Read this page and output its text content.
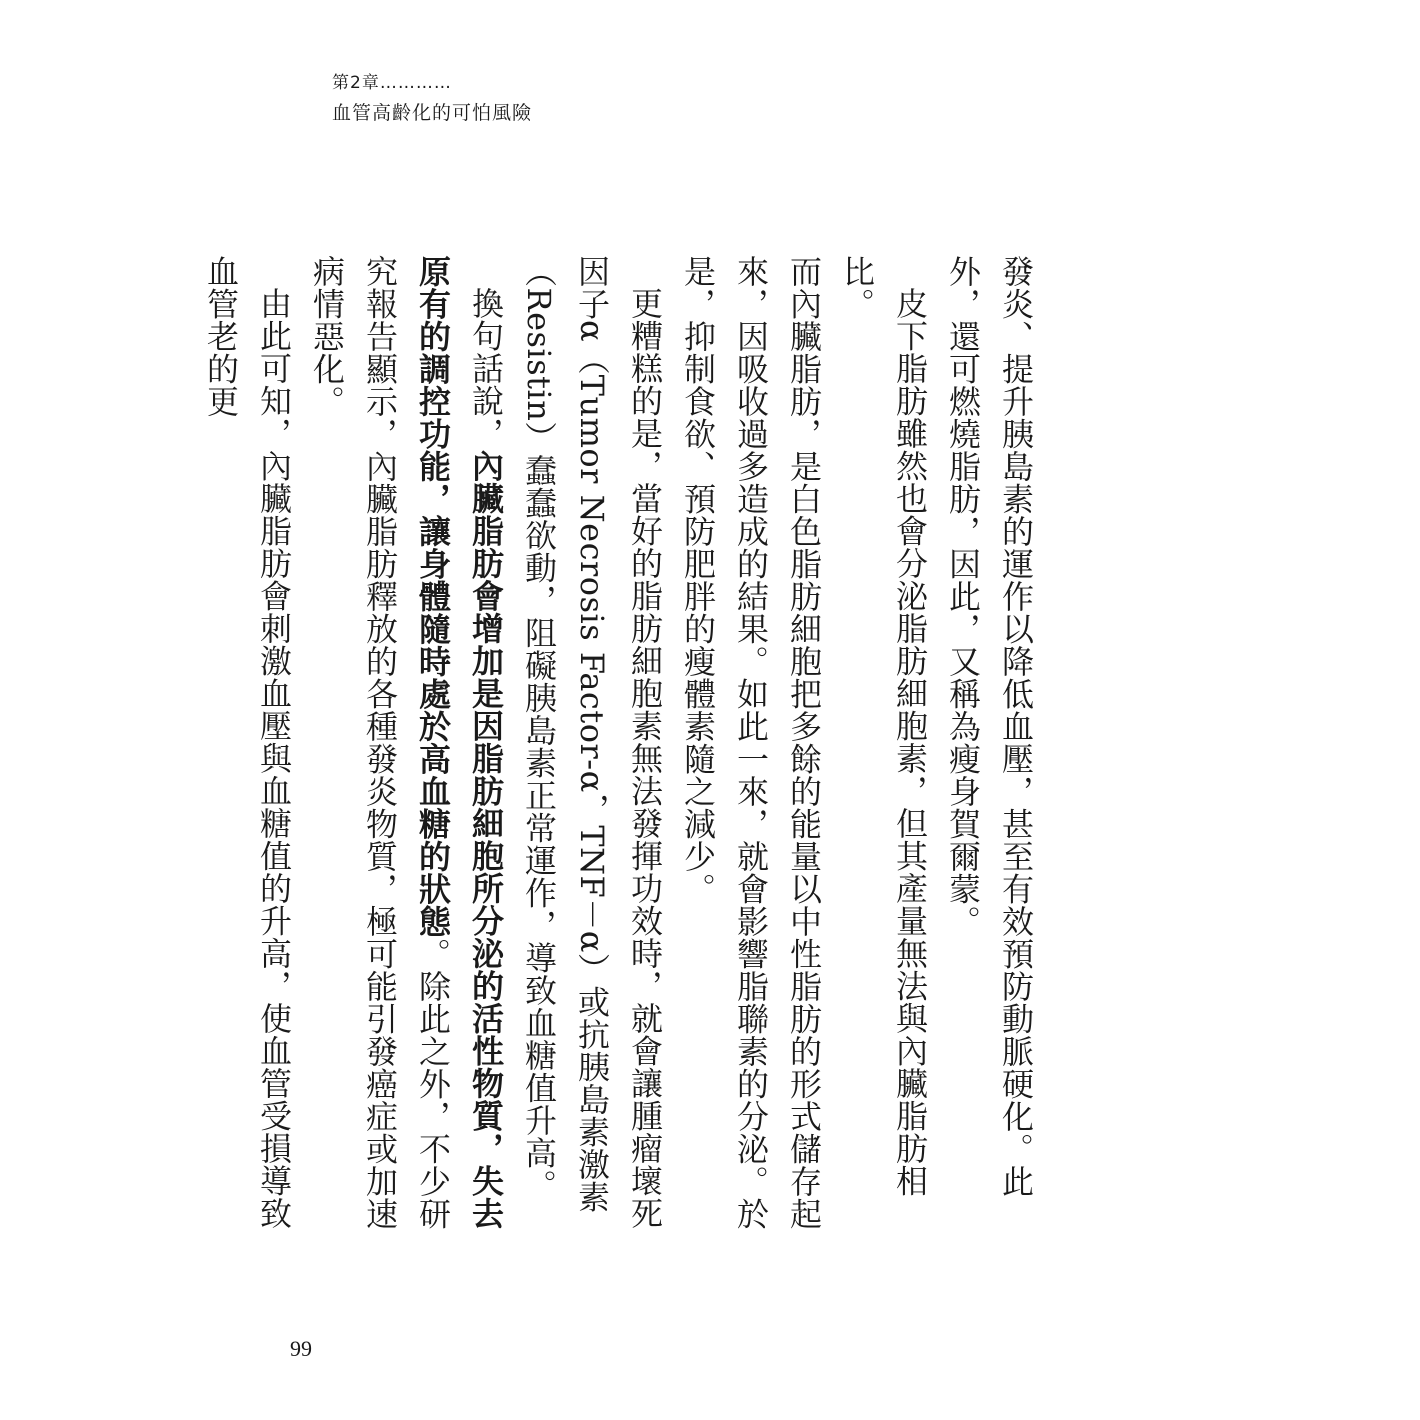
第2章…………
血管高齡化的可怕風險

發炎、提升胰島素的運作以降低血壓，甚至有效預防動脈硬化。此外，還可燃燒脂肪，因此，又稱為瘦身賀爾蒙。

皮下脂肪雖然也會分泌脂肪細胞素，但其產量無法與內臟脂肪相比。

而內臟脂肪，是白色脂肪細胞把多餘的能量以中性脂肪的形式儲存起來，因吸收過多造成的結果。如此一來，就會影響脂聯素的分泌。於是，抑制食欲、預防肥胖的瘦體素隨之減少。

更糟糕的是，當好的脂肪細胞素無法發揮功效時，就會讓腫瘤壞死因子α（Tumor Necrosis Factor-α，TNF－α）或抗胰島素激素（Resistin）蠢蠢欲動，阻礙胰島素正常運作，導致血糖值升高。

換句話說，內臟脂肪會增加是因脂肪細胞所分泌的活性物質，失去原有的調控功能，讓身體隨時處於高血糖的狀態。除此之外，不少研究報告顯示，內臟脂肪釋放的各種發炎物質，極可能引發癌症或加速病情惡化。

由此可知，內臟脂肪會刺激血壓與血糖值的升高，使血管受損導致血管老的更

99
